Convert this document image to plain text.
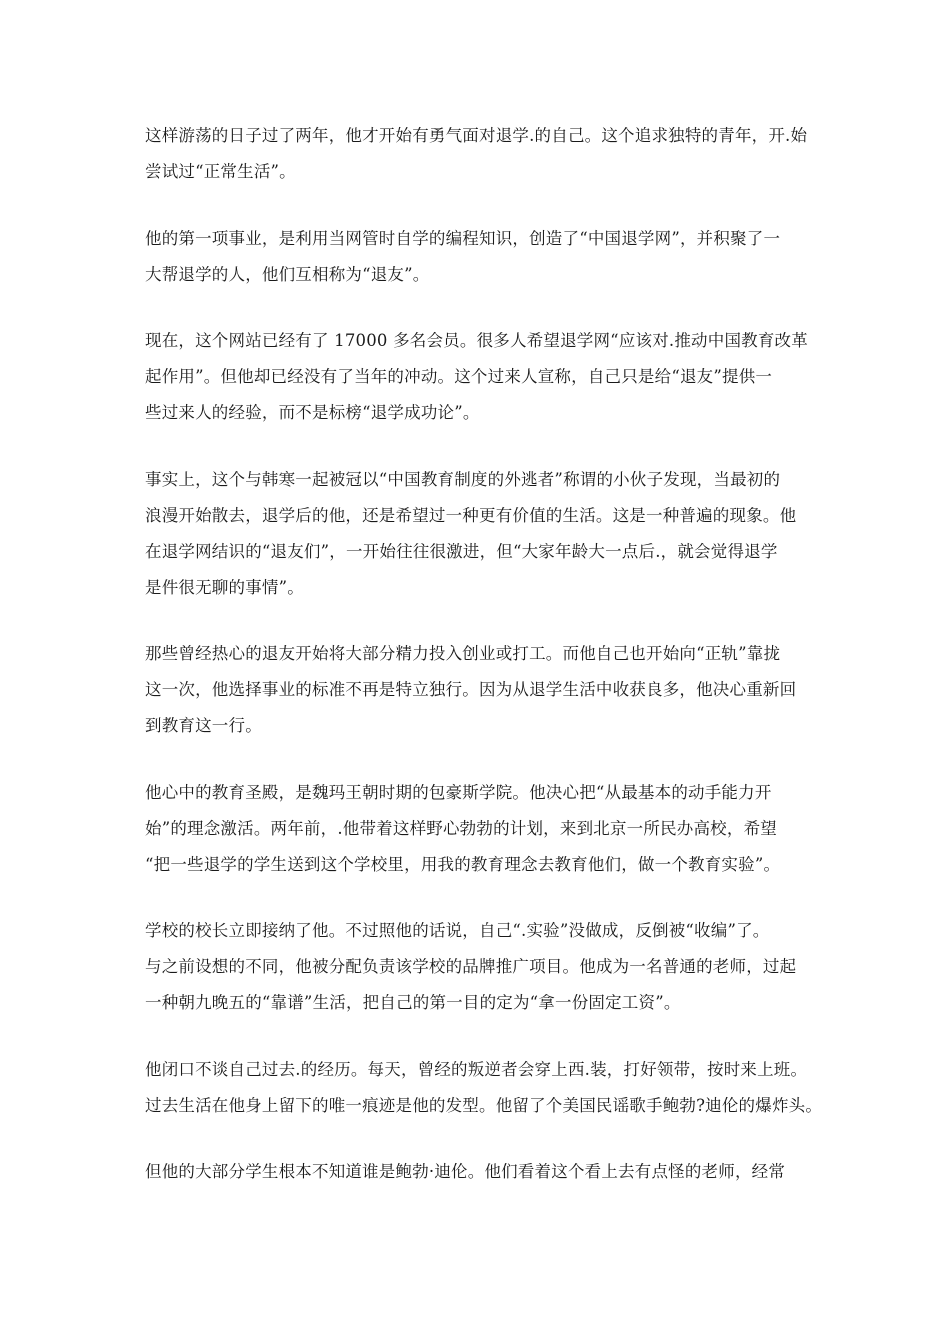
这样游荡的日子过了两年，他才开始有勇气面对退学.的自己。这个追求独特的青年，开.始
尝试过“正常生活”。
他的第一项事业，是利用当网管时自学的编程知识，创造了“中国退学网”，并积聚了一
大帮退学的人，他们互相称为“退友”。
现在，这个网站已经有了 17000 多名会员。很多人希望退学网“应该对.推动中国教育改革
起作用”。但他却已经没有了当年的冲动。这个过来人宣称，自己只是给“退友”提供一
些过来人的经验，而不是标榜“退学成功论”。
事实上，这个与韩寒一起被冠以“中国教育制度的外逃者”称谓的小伙子发现，当最初的
浪漫开始散去，退学后的他，还是希望过一种更有价值的生活。这是一种普遍的现象。他
在退学网结识的“退友们”，一开始往往很激进，但“大家年龄大一点后.，就会觉得退学
是件很无聊的事情”。
那些曾经热心的退友开始将大部分精力投入创业或打工。而他自己也开始向“正轨”靠拢
这一次，他选择事业的标准不再是特立独行。因为从退学生活中收获良多，他决心重新回
到教育这一行。
他心中的教育圣殿，是魏玛王朝时期的包豪斯学院。他决心把“从最基本的动手能力开
始”的理念激活。两年前，.他带着这样野心勃勃的计划，来到北京一所民办高校，希望
“把一些退学的学生送到这个学校里，用我的教育理念去教育他们，做一个教育实验”。
学校的校长立即接纳了他。不过照他的话说，自己“.实验”没做成，反倒被“收编”了。
与之前设想的不同，他被分配负责该学校的品牌推广项目。他成为一名普通的老师，过起
一种朝九晚五的“靠谱”生活，把自己的第一目的定为“拿一份固定工资”。
他闭口不谈自己过去.的经历。每天，曾经的叛逆者会穿上西.装，打好领带，按时来上班。
过去生活在他身上留下的唯一痕迹是他的发型。他留了个美国民谣歌手鲍勃?迪伦的爆炸头。
但他的大部分学生根本不知道谁是鲍勃·迪伦。他们看着这个看上去有点怪的老师，经常
